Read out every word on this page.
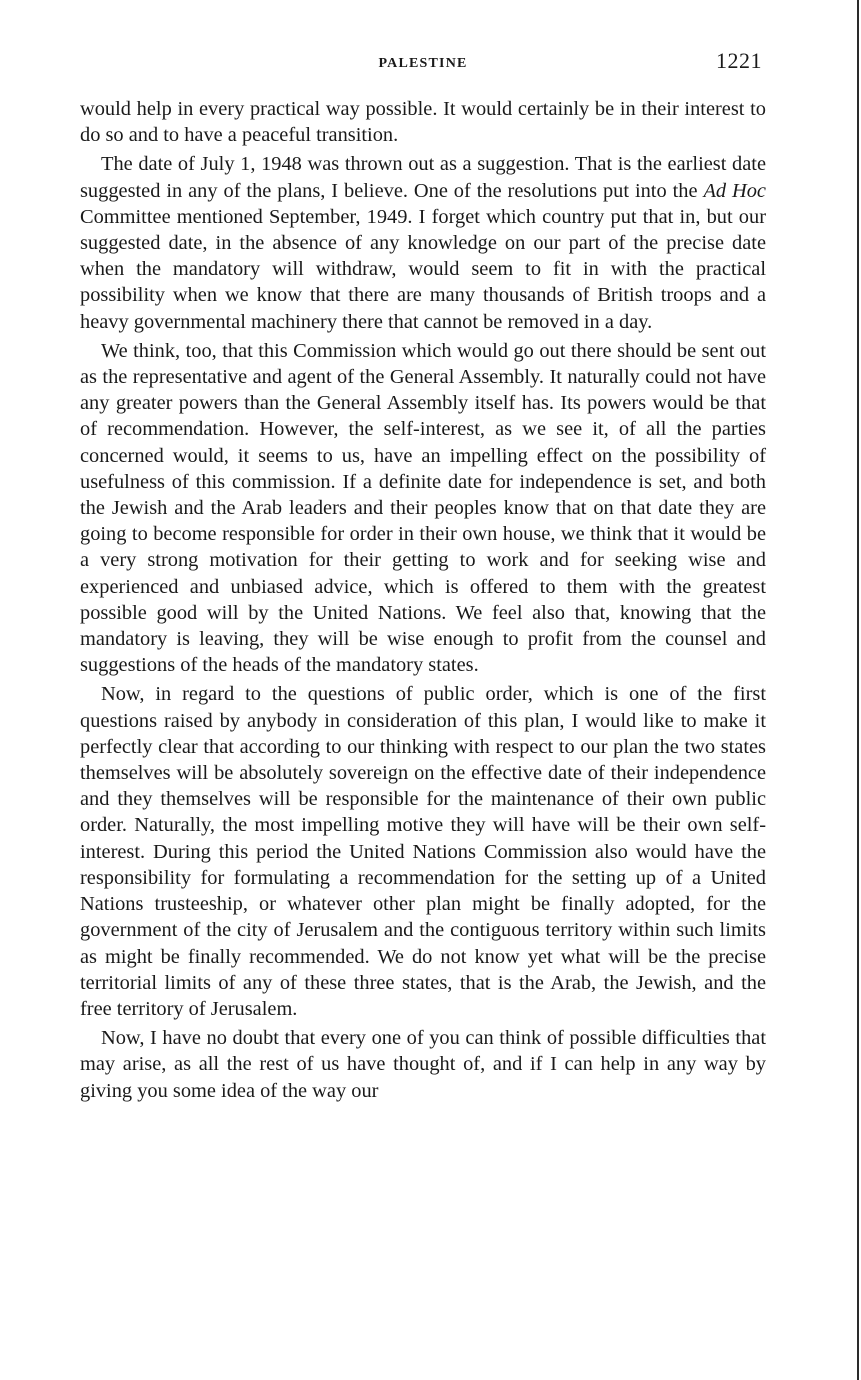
PALESTINE	1221

would help in every practical way possible. It would certainly be in their interest to do so and to have a peaceful transition.

The date of July 1, 1948 was thrown out as a suggestion. That is the earliest date suggested in any of the plans, I believe. One of the resolutions put into the Ad Hoc Committee mentioned September, 1949. I forget which country put that in, but our suggested date, in the absence of any knowledge on our part of the precise date when the mandatory will withdraw, would seem to fit in with the practical possibility when we know that there are many thousands of British troops and a heavy governmental machinery there that cannot be removed in a day.

We think, too, that this Commission which would go out there should be sent out as the representative and agent of the General Assembly. It naturally could not have any greater powers than the General Assembly itself has. Its powers would be that of recommendation. However, the self-interest, as we see it, of all the parties concerned would, it seems to us, have an impelling effect on the possibility of usefulness of this commission. If a definite date for independence is set, and both the Jewish and the Arab leaders and their peoples know that on that date they are going to become responsible for order in their own house, we think that it would be a very strong motivation for their getting to work and for seeking wise and experienced and unbiased advice, which is offered to them with the greatest possible good will by the United Nations. We feel also that, knowing that the mandatory is leaving, they will be wise enough to profit from the counsel and suggestions of the heads of the mandatory states.

Now, in regard to the questions of public order, which is one of the first questions raised by anybody in consideration of this plan, I would like to make it perfectly clear that according to our thinking with respect to our plan the two states themselves will be absolutely sovereign on the effective date of their independence and they themselves will be responsible for the maintenance of their own public order. Naturally, the most impelling motive they will have will be their own self-interest. During this period the United Nations Commission also would have the responsibility for formulating a recommendation for the setting up of a United Nations trusteeship, or whatever other plan might be finally adopted, for the government of the city of Jerusalem and the contiguous territory within such limits as might be finally recommended. We do not know yet what will be the precise territorial limits of any of these three states, that is the Arab, the Jewish, and the free territory of Jerusalem.

Now, I have no doubt that every one of you can think of possible difficulties that may arise, as all the rest of us have thought of, and if I can help in any way by giving you some idea of the way our
